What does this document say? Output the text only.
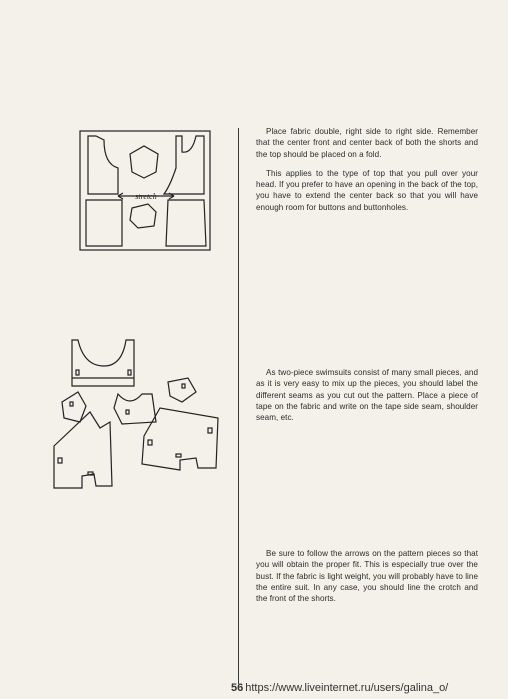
stretch

Place fabric double, right side to right side. Remember that the center front and center back of both the shorts and the top should be placed on a fold.

This applies to the type of top that you pull over your head. If you prefer to have an opening in the back of the top, you have to extend the center back so that you will have enough room for buttons and buttonholes.

As two-piece swimsuits consist of many small pieces, and as it is very easy to mix up the pieces, you should label the different seams as you cut out the pattern. Place a piece of tape on the fabric and write on the tape side seam, shoulder seam, etc.

Be sure to follow the arrows on the pattern pieces so that you will obtain the proper fit. This is especially true over the bust. If the fabric is light weight, you will probably have to line the entire suit. In any case, you should line the crotch and the front of the shorts.

56 https://www.liveinternet.ru/users/galina_o/
